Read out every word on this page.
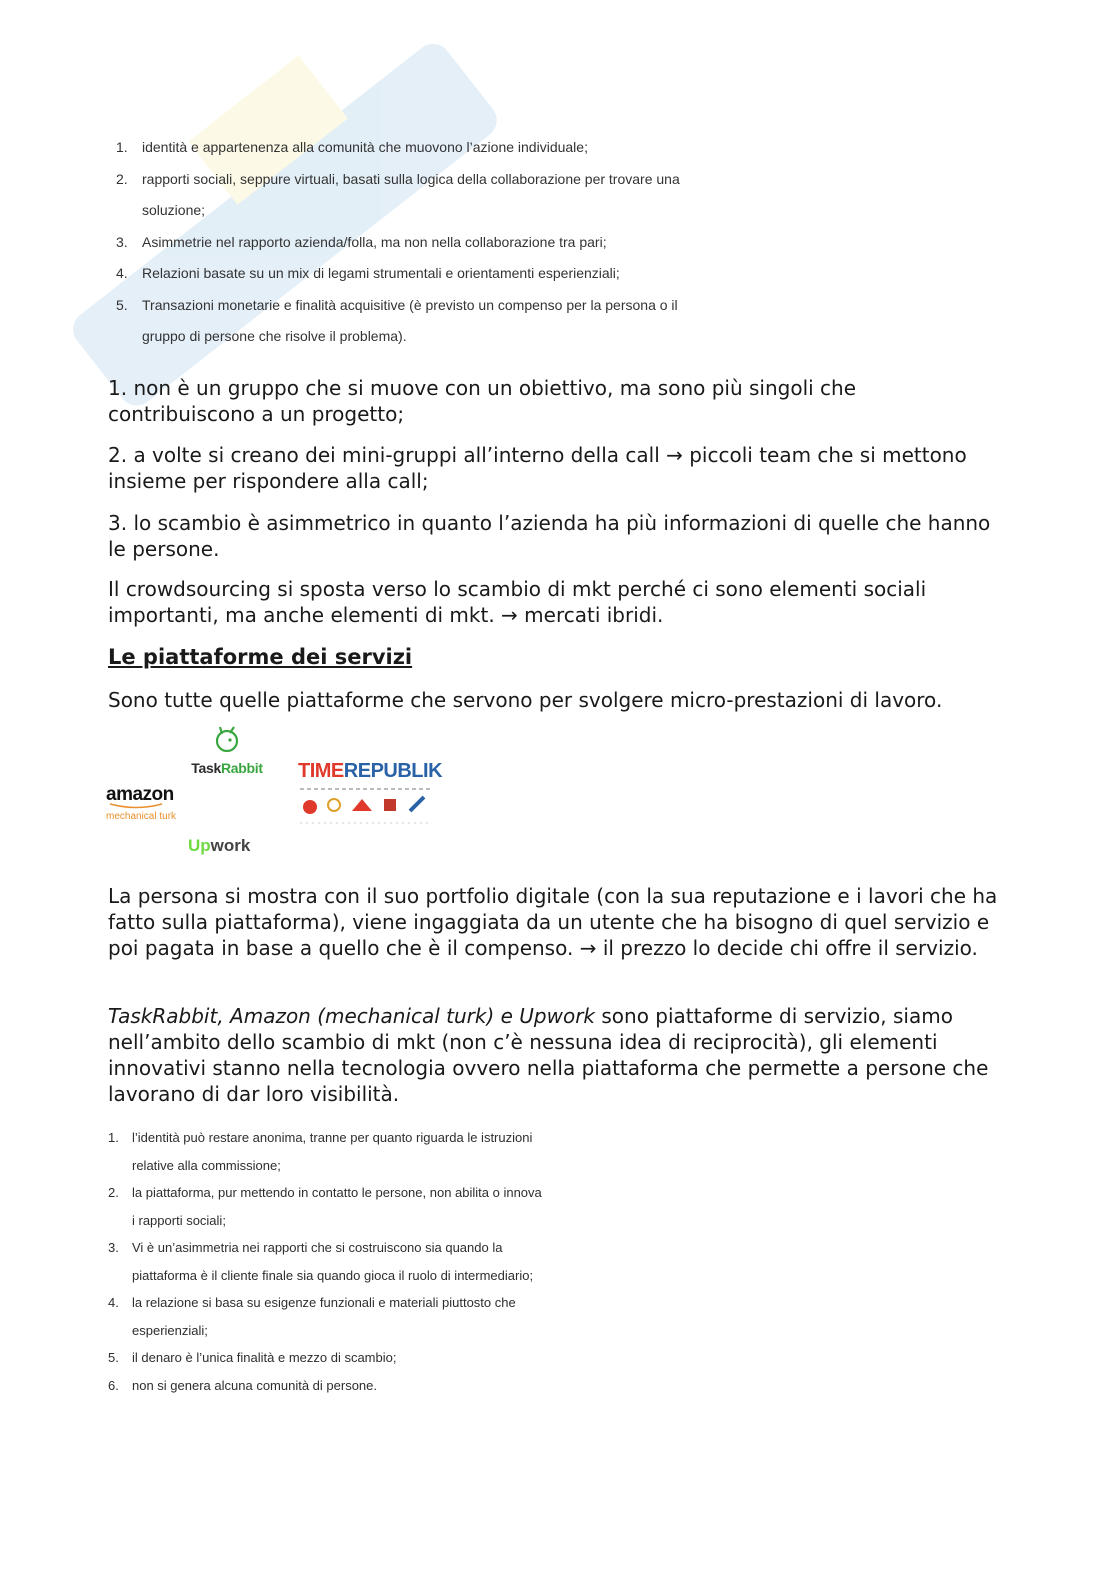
1. identità e appartenenza alla comunità che muovono l’azione individuale;
2. rapporti sociali, seppure virtuali, basati sulla logica della collaborazione per trovare una soluzione;
3. Asimmetrie nel rapporto azienda/folla, ma non nella collaborazione tra pari;
4. Relazioni basate su un mix di legami strumentali e orientamenti esperienziali;
5. Transazioni monetarie e finalità acquisitive (è previsto un compenso per la persona o il gruppo di persone che risolve il problema).

1. non è un gruppo che si muove con un obiettivo, ma sono più singoli che contribuiscono a un progetto;

2. a volte si creano dei mini-gruppi all’interno della call → piccoli team che si mettono insieme per rispondere alla call;

3. lo scambio è asimmetrico in quanto l’azienda ha più informazioni di quelle che hanno le persone.

Il crowdsourcing si sposta verso lo scambio di mkt perché ci sono elementi sociali importanti, ma anche elementi di mkt. → mercati ibridi.

Le piattaforme dei servizi

Sono tutte quelle piattaforme che servono per svolgere micro-prestazioni di lavoro.

TaskRabbit
amazon
mechanical turk
Upwork
TIMEREPUBLIK

La persona si mostra con il suo portfolio digitale (con la sua reputazione e i lavori che ha fatto sulla piattaforma), viene ingaggiata da un utente che ha bisogno di quel servizio e poi pagata in base a quello che è il compenso. → il prezzo lo decide chi offre il servizio.

TaskRabbit, Amazon (mechanical turk) e Upwork sono piattaforme di servizio, siamo nell’ambito dello scambio di mkt (non c’è nessuna idea di reciprocità), gli elementi innovativi stanno nella tecnologia ovvero nella piattaforma che permette a persone che lavorano di dar loro visibilità.

1. l’identità può restare anonima, tranne per quanto riguarda le istruzioni relative alla commissione;
2. la piattaforma, pur mettendo in contatto le persone, non abilita o innova i rapporti sociali;
3. Vi è un’asimmetria nei rapporti che si costruiscono sia quando la piattaforma è il cliente finale sia quando gioca il ruolo di intermediario;
4. la relazione si basa su esigenze funzionali e materiali piuttosto che esperienziali;
5. il denaro è l’unica finalità e mezzo di scambio;
6. non si genera alcuna comunità di persone.
